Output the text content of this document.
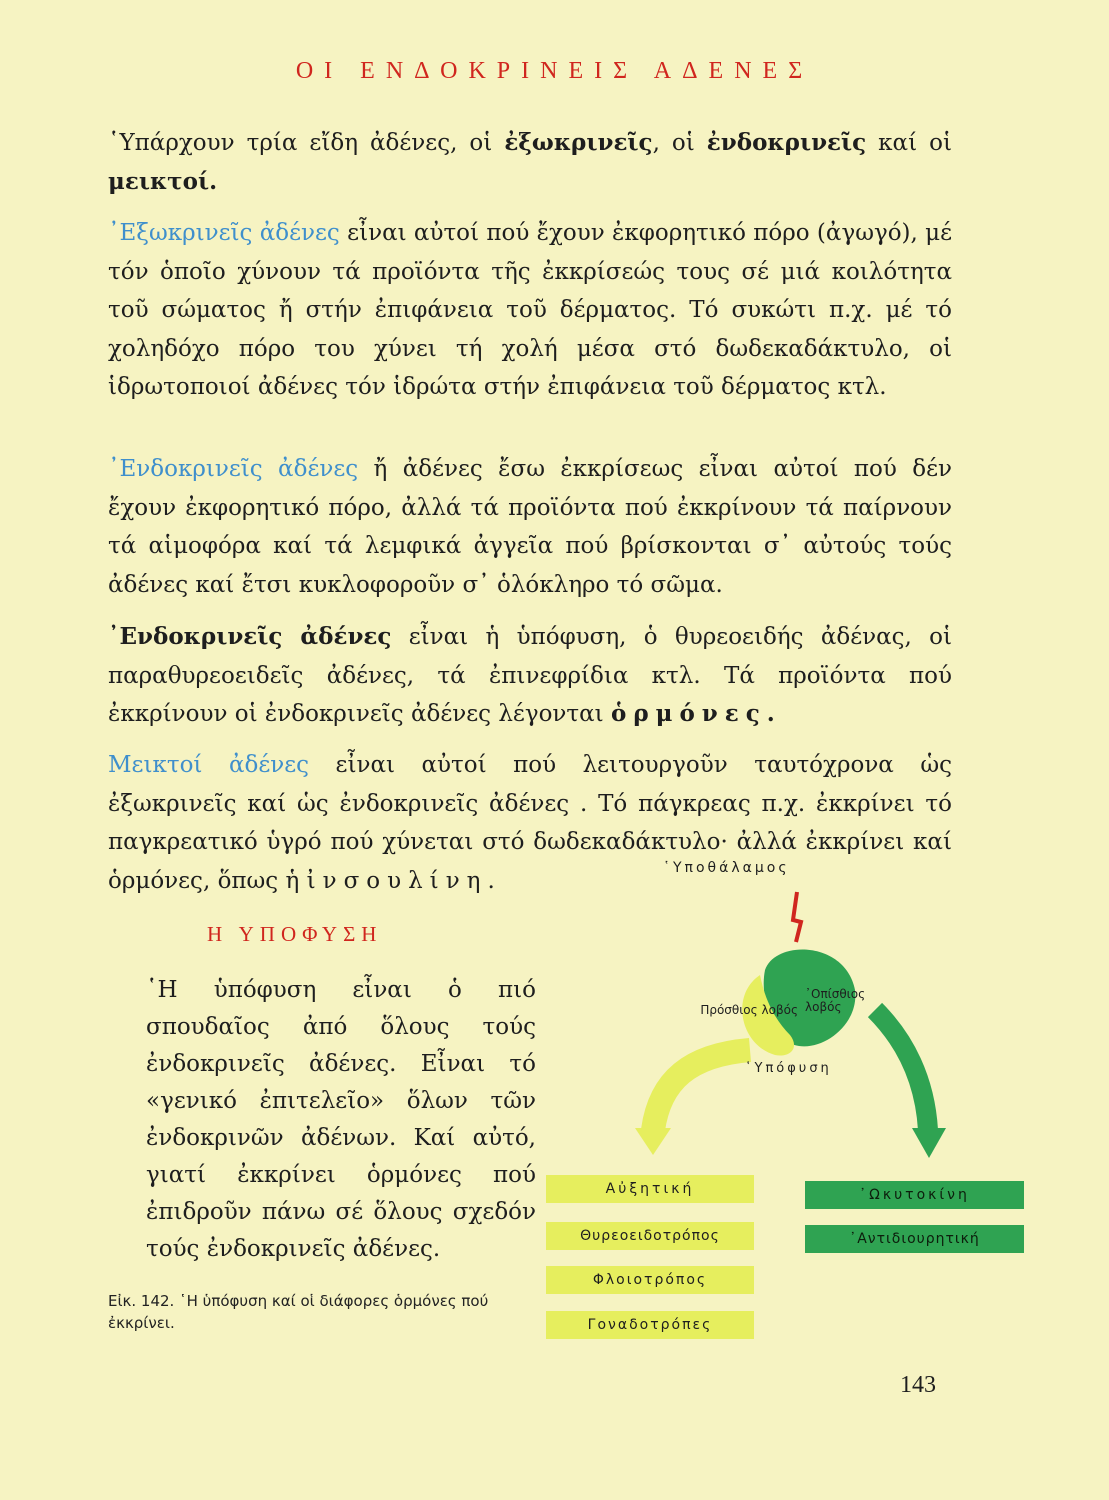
ΟΙ ΕΝΔΟΚΡΙΝΕΙΣ ΑΔΕΝΕΣ

῾Υπάρχουν τρία εἴδη ἀδένες, οἱ ἐξωκρινεῖς, οἱ ἐνδοκρινεῖς καί οἱ μεικτοί.

᾿Εξωκρινεῖς ἀδένες εἶναι αὐτοί πού ἔχουν ἐκφορητικό πόρο (ἀγωγό), μέ τόν ὁποῖο χύνουν τά προϊόντα τῆς ἐκκρίσεώς τους σέ μιά κοιλότητα τοῦ σώματος ἤ στήν ἐπιφάνεια τοῦ δέρματος. Τό συκώτι π.χ. μέ τό χοληδόχο πόρο του χύνει τή χολή μέσα στό δωδεκαδάκτυλο, οἱ ἱδρωτοποιοί ἀδένες τόν ἱδρώτα στήν ἐπιφάνεια τοῦ δέρματος κτλ.

᾿Ενδοκρινεῖς ἀδένες ἤ ἀδένες ἔσω ἐκκρίσεως εἶναι αὐτοί πού δέν ἔχουν ἐκφορητικό πόρο, ἀλλά τά προϊόντα πού ἐκκρίνουν τά παίρνουν τά αἱμοφόρα καί τά λεμφικά ἀγγεῖα πού βρίσκονται σ᾿ αὐτούς τούς ἀδένες καί ἔτσι κυκλοφοροῦν σ᾿ ὁλόκληρο τό σῶμα.

᾿Ενδοκρινεῖς ἀδένες εἶναι ἡ ὑπόφυση, ὁ θυρεοειδής ἀδένας, οἱ παραθυρεοειδεῖς ἀδένες, τά ἐπινεφρίδια κτλ. Τά προϊόντα πού ἐκκρίνουν οἱ ἐνδοκρινεῖς ἀδένες λέγονται ὁρμόνες.

Μεικτοί ἀδένες εἶναι αὐτοί πού λειτουργοῦν ταυτόχρονα ὡς ἐξωκρινεῖς καί ὡς ἐνδοκρινεῖς ἀδένες . Τό πάγκρεας π.χ. ἐκκρίνει τό παγκρεατικό ὑγρό πού χύνεται στό δωδεκαδάκτυλο· ἀλλά ἐκκρίνει καί ὁρμόνες, ὅπως ἡ ἰνσουλίνη.

Η ΥΠΟΦΥΣΗ

῾Η ὑπόφυση εἶναι ὁ πιό σπουδαῖος ἀπό ὅλους τούς ἐνδοκρινεῖς ἀδένες. Εἶναι τό «γενικό ἐπιτελεῖο» ὅλων τῶν ἐνδοκρινῶν ἀδένων. Καί αὐτό, γιατί ἐκκρίνει ὁρμόνες πού ἐπιδροῦν πάνω σέ ὅλους σχεδόν τούς ἐνδοκρινεῖς ἀδένες.

Εἰκ. 142. ῾Η ὑπόφυση καί οἱ διάφορες ὁρμόνες πού ἐκκρίνει.

῾Υποθάλαμος
Πρόσθιος λοβός
᾿Οπίσθιος λοβός
῾Υπόφυση
Αὐξητική
Θυρεοειδοτρόπος
Φλοιοτρόπος
Γοναδοτρόπες
᾿Ωκυτοκίνη
᾿Αντιδιουρητική
143
